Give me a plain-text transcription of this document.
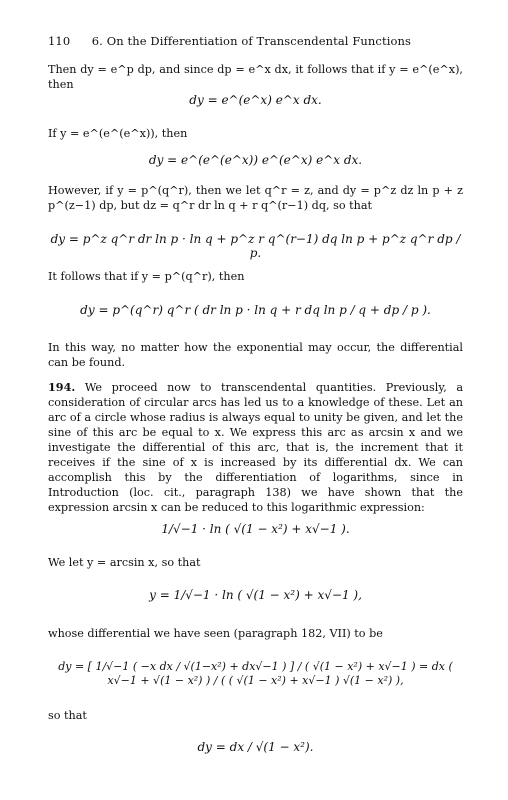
110 6. On the Differentiation of Transcendental Functions
Then dy = e^p dp, and since dp = e^x dx, it follows that if y = e^(e^x), then
dy = e^(e^x) e^x dx.
If y = e^(e^(e^x)), then
dy = e^(e^(e^x)) e^(e^x) e^x dx.
However, if y = p^(q^r), then we let q^r = z, and dy = p^z dz ln p + z p^(z−1) dp, but dz = q^r dr ln q + r q^(r−1) dq, so that
dy = p^z q^r dr ln p · ln q + p^z r q^(r−1) dq ln p + p^z q^r dp / p.
It follows that if y = p^(q^r), then
dy = p^(q^r) q^r ( dr ln p · ln q + r dq ln p / q + dp / p ).
In this way, no matter how the exponential may occur, the differential can be found.
194. We proceed now to transcendental quantities. Previously, a consideration of circular arcs has led us to a knowledge of these. Let an arc of a circle whose radius is always equal to unity be given, and let the sine of this arc be equal to x. We express this arc as arcsin x and we investigate the differential of this arc, that is, the increment that it receives if the sine of x is increased by its differential dx. We can accomplish this by the differentiation of logarithms, since in Introduction (loc. cit., paragraph 138) we have shown that the expression arcsin x can be reduced to this logarithmic expression:
1/√−1 · ln ( √(1 − x²) + x√−1 ).
We let y = arcsin x, so that
y = 1/√−1 · ln ( √(1 − x²) + x√−1 ),
whose differential we have seen (paragraph 182, VII) to be
dy = [ 1/√−1 ( −x dx / √(1−x²) + dx√−1 ) ] / ( √(1 − x²) + x√−1 ) = dx ( x√−1 + √(1 − x²) ) / ( ( √(1 − x²) + x√−1 ) √(1 − x²) ),
so that
dy = dx / √(1 − x²).
